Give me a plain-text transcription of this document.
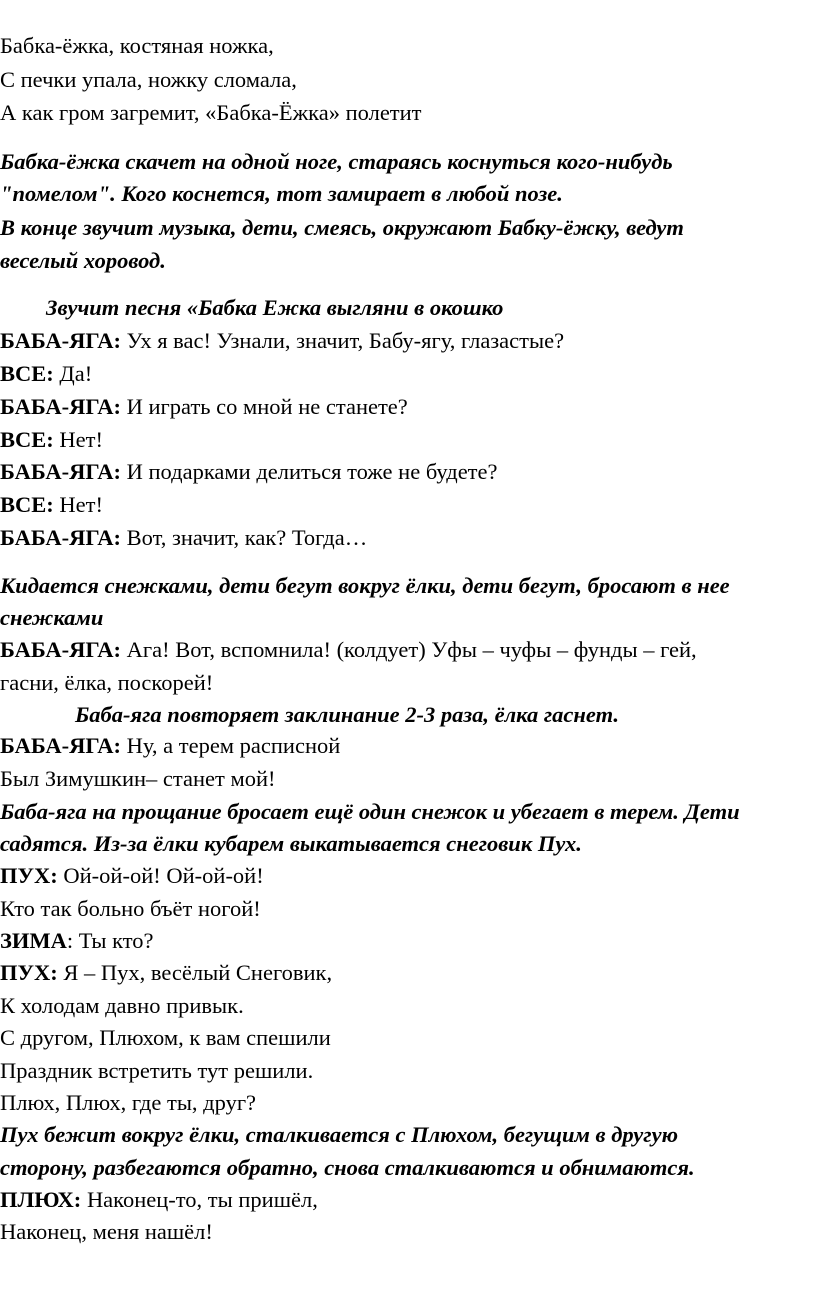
Бабка-ёжка, костяная ножка,
С печки упала, ножку сломала,
А как гром загремит, «Бабка-Ёжка» полетит
Бабка-ёжка скачет на одной ноге, стараясь коснуться кого-нибудь
"помелом". Кого коснется, тот замирает в любой позе.
В конце звучит музыка, дети, смеясь, окружают Бабку-ёжку, ведут
веселый хоровод.
Звучит песня «Бабка Ежка выгляни в окошко
БАБА-ЯГА: Ух я вас! Узнали, значит, Бабу-ягу, глазастые?
ВСЕ: Да!
БАБА-ЯГА: И играть со мной не станете?
ВСЕ: Нет!
БАБА-ЯГА: И подарками делиться тоже не будете?
ВСЕ: Нет!
БАБА-ЯГА: Вот, значит, как? Тогда…
Кидается снежками, дети бегут вокруг ёлки, дети бегут, бросают в нее
снежками
БАБА-ЯГА: Ага! Вот, вспомнила! (колдует) Уфы – чуфы – фунды – гей,
гасни, ёлка, поскорей!
Баба-яга повторяет заклинание 2-3 раза, ёлка гаснет.
БАБА-ЯГА: Ну, а терем расписной
Был Зимушкин– станет мой!
Баба-яга на прощание бросает ещё один снежок и убегает в терем. Дети
садятся. Из-за ёлки кубарем выкатывается снеговик Пух.
ПУХ: Ой-ой-ой! Ой-ой-ой!
Кто так больно бъёт ногой!
ЗИМА: Ты кто?
ПУХ: Я – Пух, весёлый Снеговик,
К холодам давно привык.
С другом, Плюхом, к вам спешили
Праздник встретить тут решили.
Плюх, Плюх, где ты, друг?
Пух бежит вокруг ёлки, сталкивается с Плюхом, бегущим в другую
сторону, разбегаются обратно, снова сталкиваются и обнимаются.
ПЛЮХ: Наконец-то, ты пришёл,
Наконец, меня нашёл!
